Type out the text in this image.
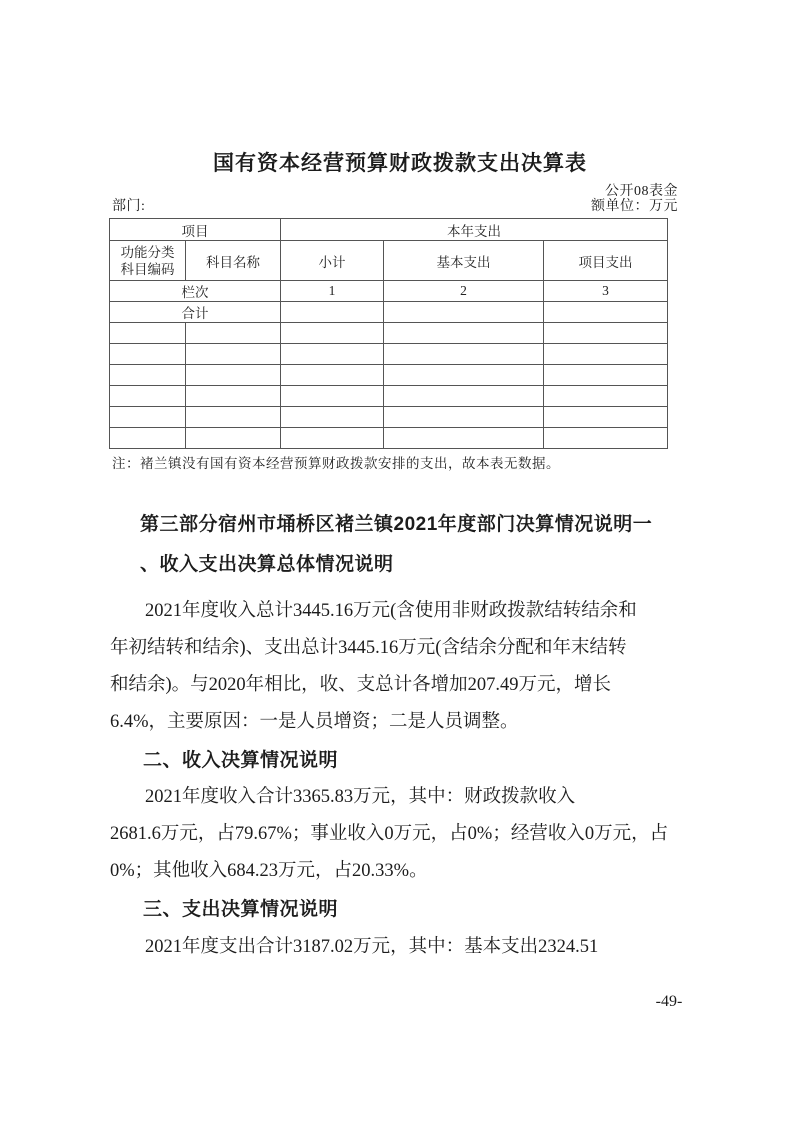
国有资本经营预算财政拨款支出决算表
公开08表金
部门:	额单位：万元
项目		本年支出		

功能分类
科目编码	科目名称	小计	基本支出	项目支出
栏次		1	2	3
合计				

注：褚兰镇没有国有资本经营预算财政拨款安排的支出，故本表无数据。
第三部分宿州市埇桥区褚兰镇2021年度部门决算情况说明一
、收入支出决算总体情况说明
2021年度收入总计3445.16万元(含使用非财政拨款结转结余和
年初结转和结余)、支出总计3445.16万元(含结余分配和年末结转
和结余)。与2020年相比，收、支总计各增加207.49万元，增长
6.4%，主要原因：一是人员增资；二是人员调整。
二、收入决算情况说明
2021年度收入合计3365.83万元，其中：财政拨款收入
2681.6万元，占79.67%；事业收入0万元，占0%；经营收入0万元，占
0%；其他收入684.23万元，占20.33%。
三、支出决算情况说明
2021年度支出合计3187.02万元，其中：基本支出2324.51
-49-
